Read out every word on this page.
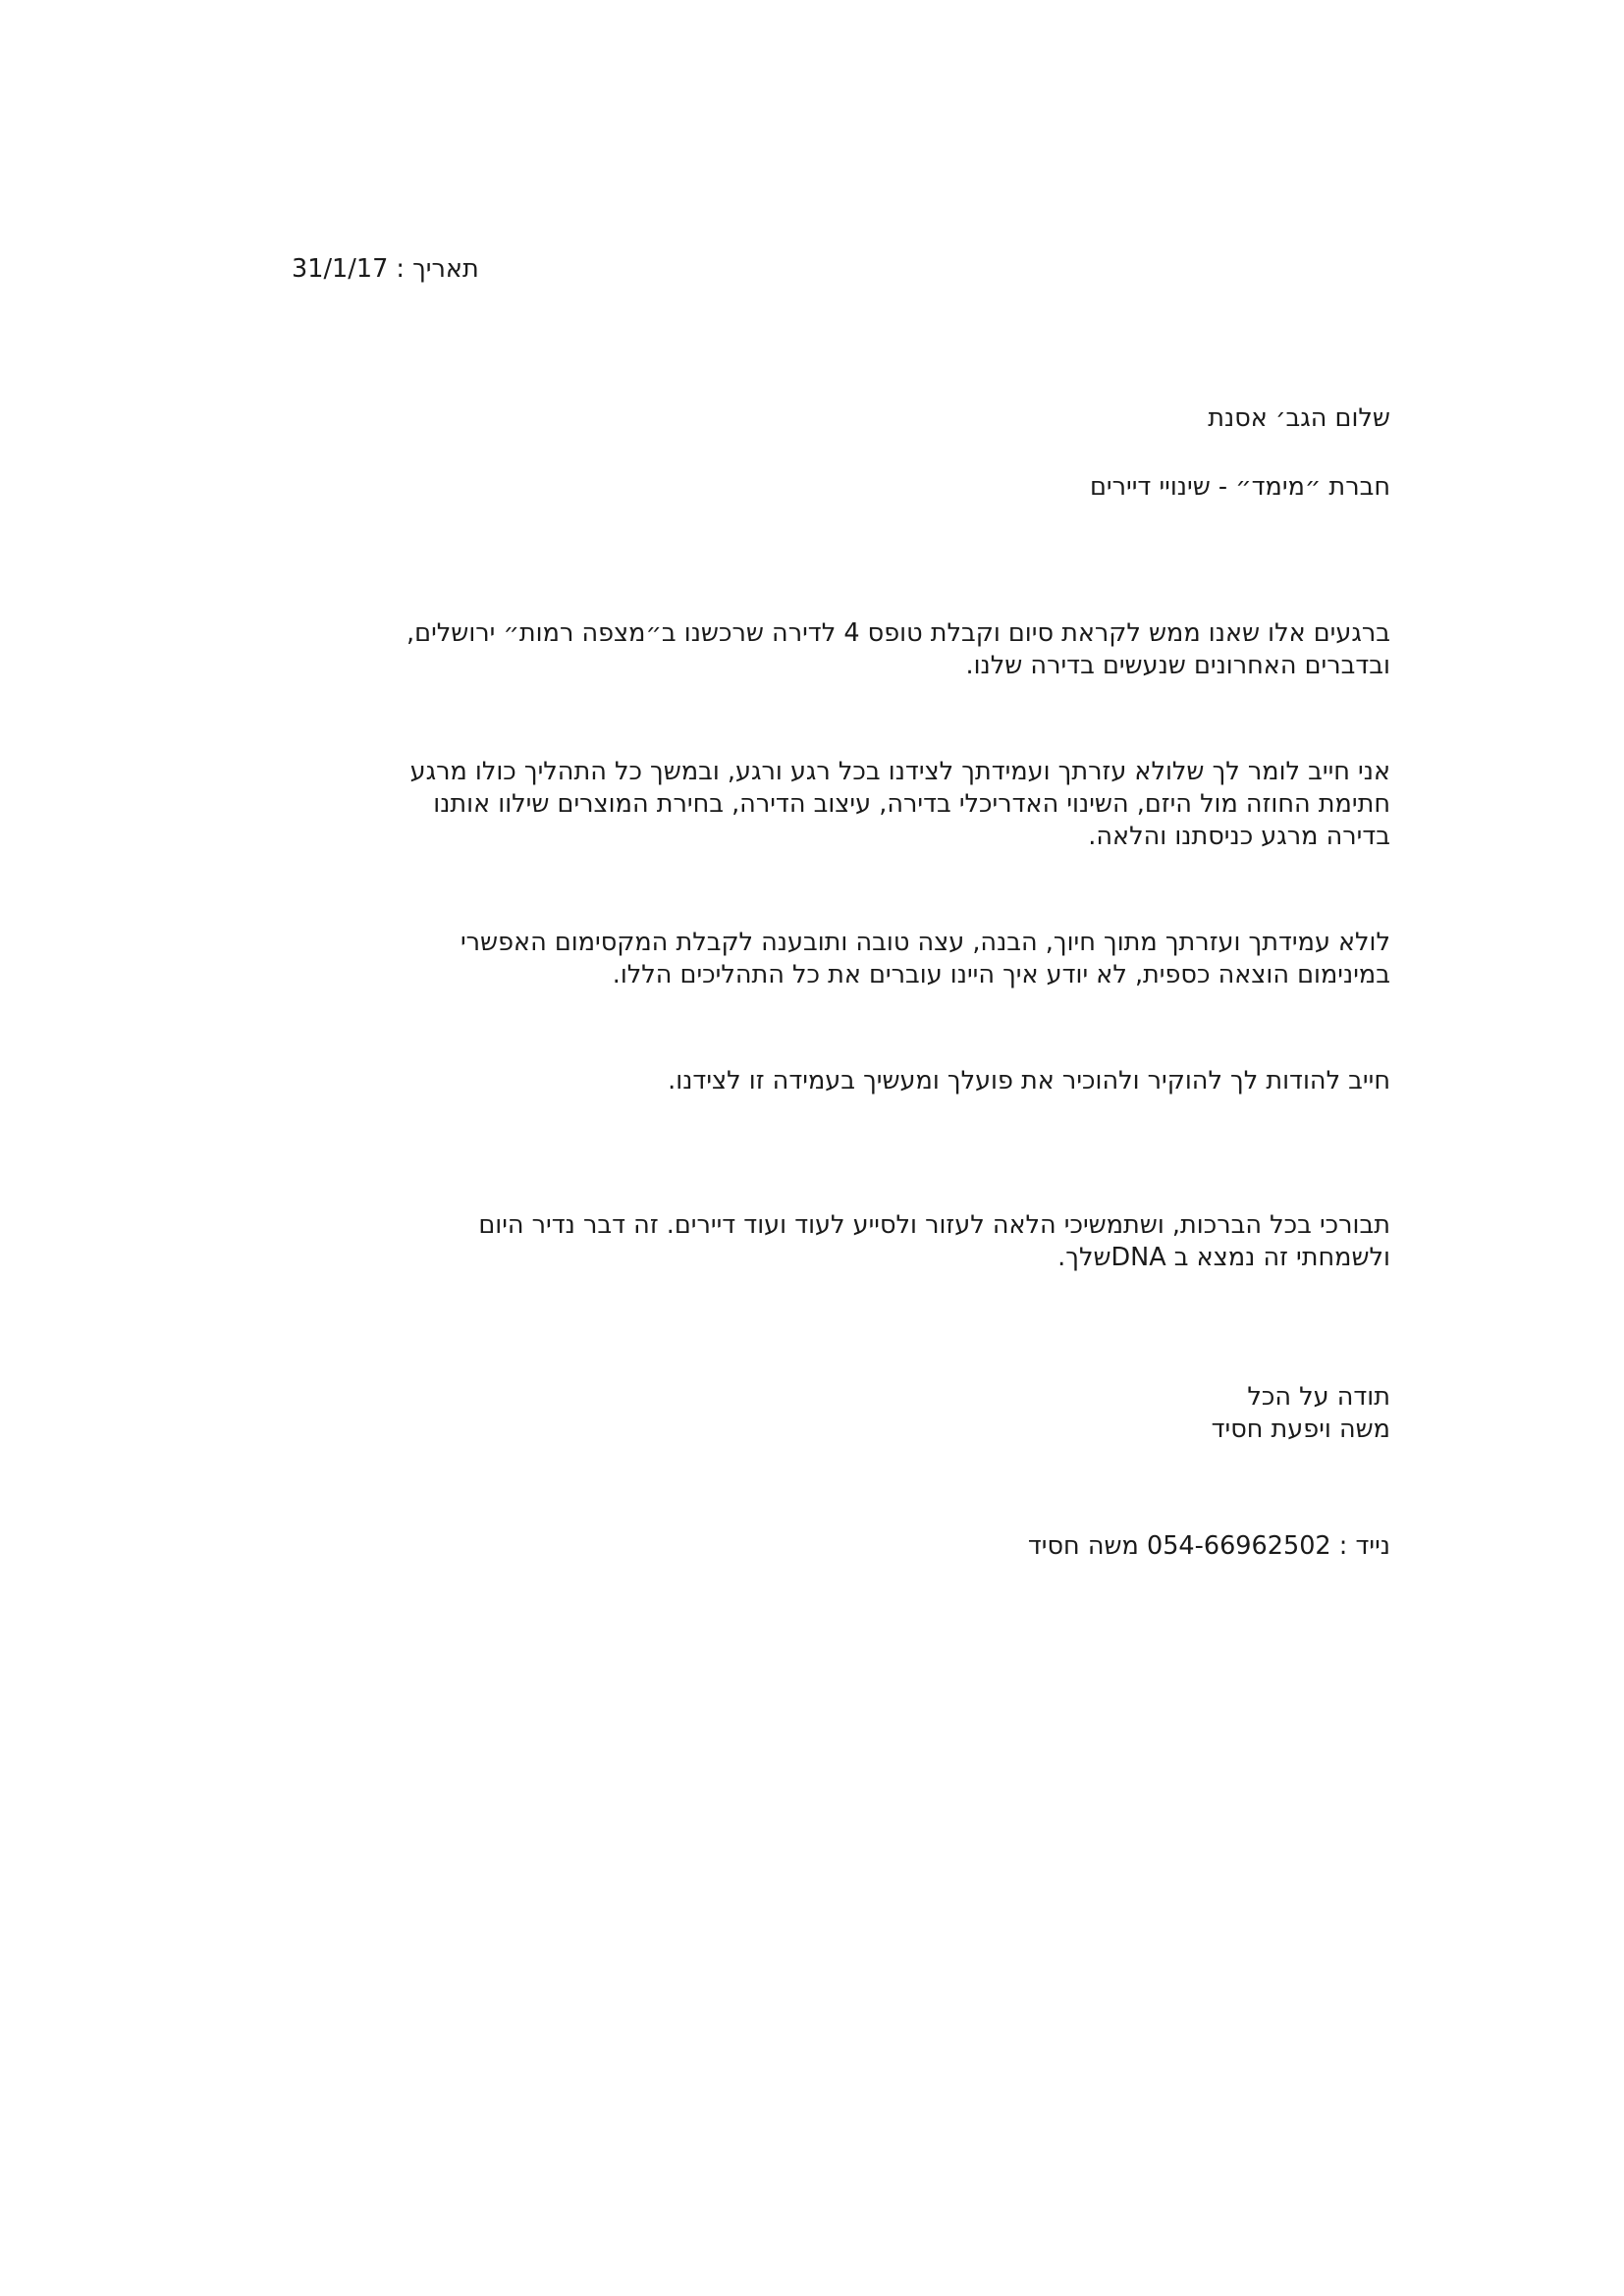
תאריך : 31/1/17
שלום הגב׳ אסנת
חברת ״מימד״ - שינויי דיירים
ברגעים אלו שאנו ממש לקראת סיום וקבלת טופס 4 לדירה שרכשנו ב״מצפה רמות״ ירושלים,
ובדברים האחרונים שנעשים בדירה שלנו.
אני חייב לומר לך שלולא עזרתך ועמידתך לצידנו בכל רגע ורגע, ובמשך כל התהליך כולו מרגע
חתימת החוזה מול היזם, השינוי האדריכלי בדירה, עיצוב הדירה, בחירת המוצרים שילוו אותנו
בדירה מרגע כניסתנו והלאה.
לולא עמידתך ועזרתך מתוך חיוך, הבנה, עצה טובה ותובענה לקבלת המקסימום האפשרי
במינימום הוצאה כספית, לא יודע איך היינו עוברים את כל התהליכים הללו.
חייב להודות לך להוקיר ולהוכיר את פועלך ומעשיך בעמידה זו לצידנו.
תבורכי בכל הברכות, ושתמשיכי הלאה לעזור ולסייע לעוד ועוד דיירים. זה דבר נדיר היום
ולשמחתי זה נמצא ב DNAשלך.
תודה על הכל
משה ויפעת חסיד
נייד : 054-66962502 משה חסיד
